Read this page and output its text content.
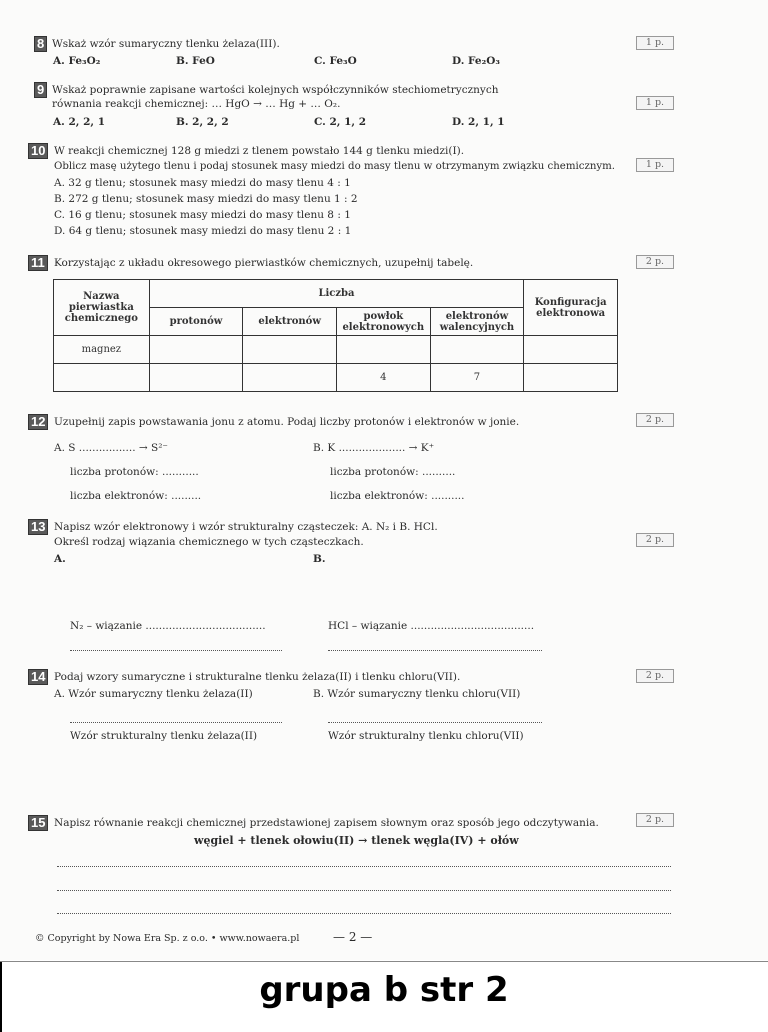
8 Wskaż wzór sumaryczny tlenku żelaza(III).	1 p.
A. Fe₃O₂	B. FeO	C. Fe₃O	D. Fe₂O₃
9 Wskaż poprawnie zapisane wartości kolejnych współczynników stechiometrycznych
równania reakcji chemicznej: … HgO → … Hg + … O₂.	1 p.
A. 2, 2, 1	B. 2, 2, 2	C. 2, 1, 2	D. 2, 1, 1
10 W reakcji chemicznej 128 g miedzi z tlenem powstało 144 g tlenku miedzi(I).
Oblicz masę użytego tlenu i podaj stosunek masy miedzi do masy tlenu w otrzymanym związku chemicznym.	1 p.
A. 32 g tlenu; stosunek masy miedzi do masy tlenu 4 : 1
B. 272 g tlenu; stosunek masy miedzi do masy tlenu 1 : 2
C. 16 g tlenu; stosunek masy miedzi do masy tlenu 8 : 1
D. 64 g tlenu; stosunek masy miedzi do masy tlenu 2 : 1
11 Korzystając z układu okresowego pierwiastków chemicznych, uzupełnij tabelę.	2 p.
Nazwa pierwiastka chemicznego	Liczba				Konfiguracja elektronowa
	protonów	elektronów	powłok elektronowych	elektronów walencyjnych	
magnez					
			4	7	
12 Uzupełnij zapis powstawania jonu z atomu. Podaj liczby protonów i elektronów w jonie.	2 p.
A. S ................. → S²⁻	B. K .................... → K⁺
liczba protonów: ...........	liczba protonów: ..........
liczba elektronów: .........	liczba elektronów: ..........
13 Napisz wzór elektronowy i wzór strukturalny cząsteczek: A. N₂ i B. HCl.
Określ rodzaj wiązania chemicznego w tych cząsteczkach.	2 p.
A.	B.
N₂ – wiązanie ....................................	HCl – wiązanie .....................................
14 Podaj wzory sumaryczne i strukturalne tlenku żelaza(II) i tlenku chloru(VII).	2 p.
A. Wzór sumaryczny tlenku żelaza(II)	B. Wzór sumaryczny tlenku chloru(VII)
Wzór strukturalny tlenku żelaza(II)	Wzór strukturalny tlenku chloru(VII)
15 Napisz równanie reakcji chemicznej przedstawionej zapisem słownym oraz sposób jego odczytywania.	2 p.
węgiel + tlenek ołowiu(II) → tlenek węgla(IV) + ołów
© Copyright by Nowa Era Sp. z o.o. • www.nowaera.pl	— 2 —
grupa b str 2
